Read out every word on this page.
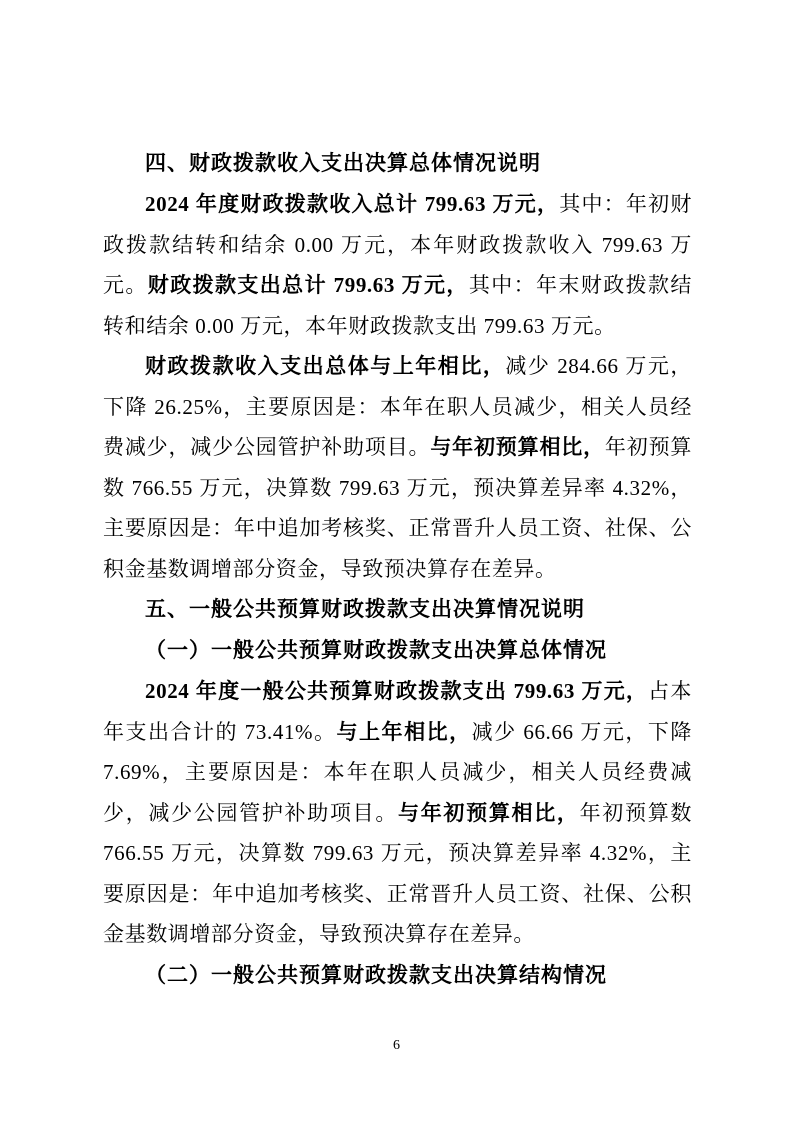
四、财政拨款收入支出决算总体情况说明

2024 年度财政拨款收入总计 799.63 万元，其中：年初财政拨款结转和结余 0.00 万元，本年财政拨款收入 799.63 万元。财政拨款支出总计 799.63 万元，其中：年末财政拨款结转和结余 0.00 万元，本年财政拨款支出 799.63 万元。

财政拨款收入支出总体与上年相比，减少 284.66 万元，下降 26.25%，主要原因是：本年在职人员减少，相关人员经费减少，减少公园管护补助项目。与年初预算相比，年初预算数 766.55 万元，决算数 799.63 万元，预决算差异率 4.32%，主要原因是：年中追加考核奖、正常晋升人员工资、社保、公积金基数调增部分资金，导致预决算存在差异。

五、一般公共预算财政拨款支出决算情况说明
（一）一般公共预算财政拨款支出决算总体情况

2024 年度一般公共预算财政拨款支出 799.63 万元，占本年支出合计的 73.41%。与上年相比，减少 66.66 万元，下降 7.69%，主要原因是：本年在职人员减少，相关人员经费减少，减少公园管护补助项目。与年初预算相比，年初预算数 766.55 万元，决算数 799.63 万元，预决算差异率 4.32%，主要原因是：年中追加考核奖、正常晋升人员工资、社保、公积金基数调增部分资金，导致预决算存在差异。

（二）一般公共预算财政拨款支出决算结构情况
6
